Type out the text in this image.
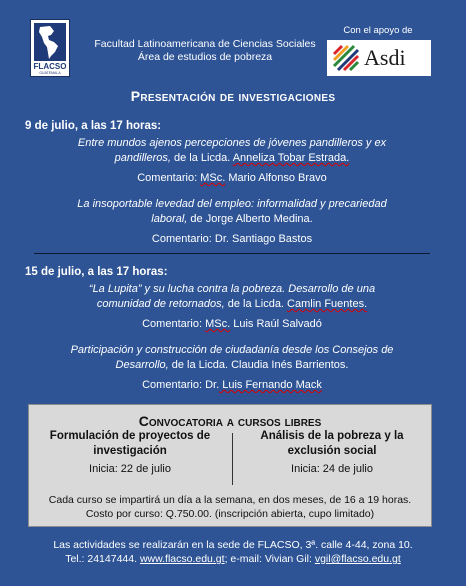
FLACSO
GUATEMALA
Facultad Latinoamericana de Ciencias Sociales
Área de estudios de pobreza
Con el apoyo de
Asdi
Presentación de investigaciones
9 de julio, a las 17 horas:
Entre mundos ajenos percepciones de jóvenes pandilleros y ex
pandilleros, de la Licda. Anneliza Tobar Estrada.
Comentario: MSc. Mario Alfonso Bravo
La insoportable levedad del empleo: informalidad y precariedad
laboral, de Jorge Alberto Medina.
Comentario: Dr. Santiago Bastos
15 de julio, a las 17 horas:
“La Lupita” y su lucha contra la pobreza. Desarrollo de una
comunidad de retornados, de la Licda. Camlin Fuentes.
Comentario: MSc. Luis Raúl Salvadó
Participación y construcción de ciudadanía desde los Consejos de
Desarrollo, de la Licda. Claudia Inés Barrientos.
Comentario: Dr. Luis Fernando Mack
Convocatoria a cursos libres
Formulación de proyectos de investigación
Inicia: 22 de julio
Análisis de la pobreza y la exclusión social
Inicia: 24 de julio
Cada curso se impartirá un día a la semana, en dos meses, de 16 a 19 horas. Costo por curso: Q.750.00. (inscripción abierta, cupo limitado)
Las actividades se realizarán en la sede de FLACSO, 3ª. calle 4-44, zona 10.
Tel.: 24147444. www.flacso.edu.gt; e-mail: Vivian Gil: vgil@flacso.edu.gt
